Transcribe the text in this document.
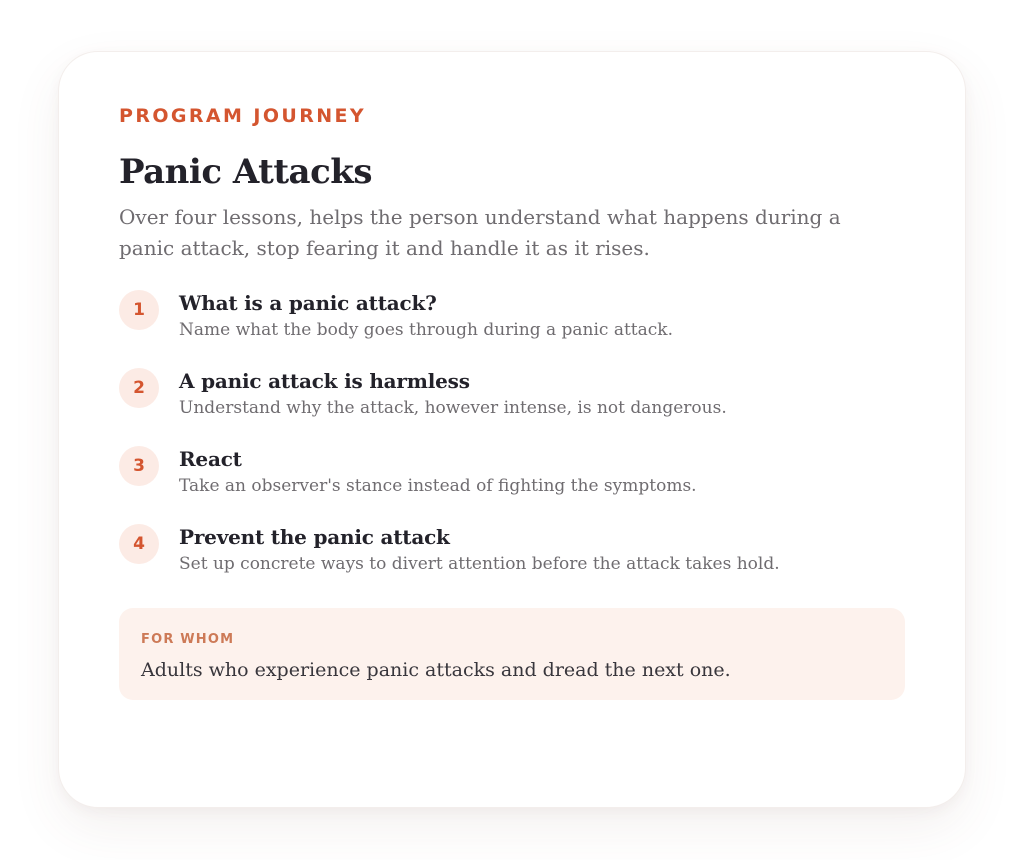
PROGRAM JOURNEY

Panic Attacks

Over four lessons, helps the person understand what happens during a panic attack, stop fearing it and handle it as it rises.

1	What is a panic attack?
Name what the body goes through during a panic attack.
2	A panic attack is harmless
Understand why the attack, however intense, is not dangerous.
3	React
Take an observer's stance instead of fighting the symptoms.
4	Prevent the panic attack
Set up concrete ways to divert attention before the attack takes hold.
FOR WHOM
Adults who experience panic attacks and dread the next one.
